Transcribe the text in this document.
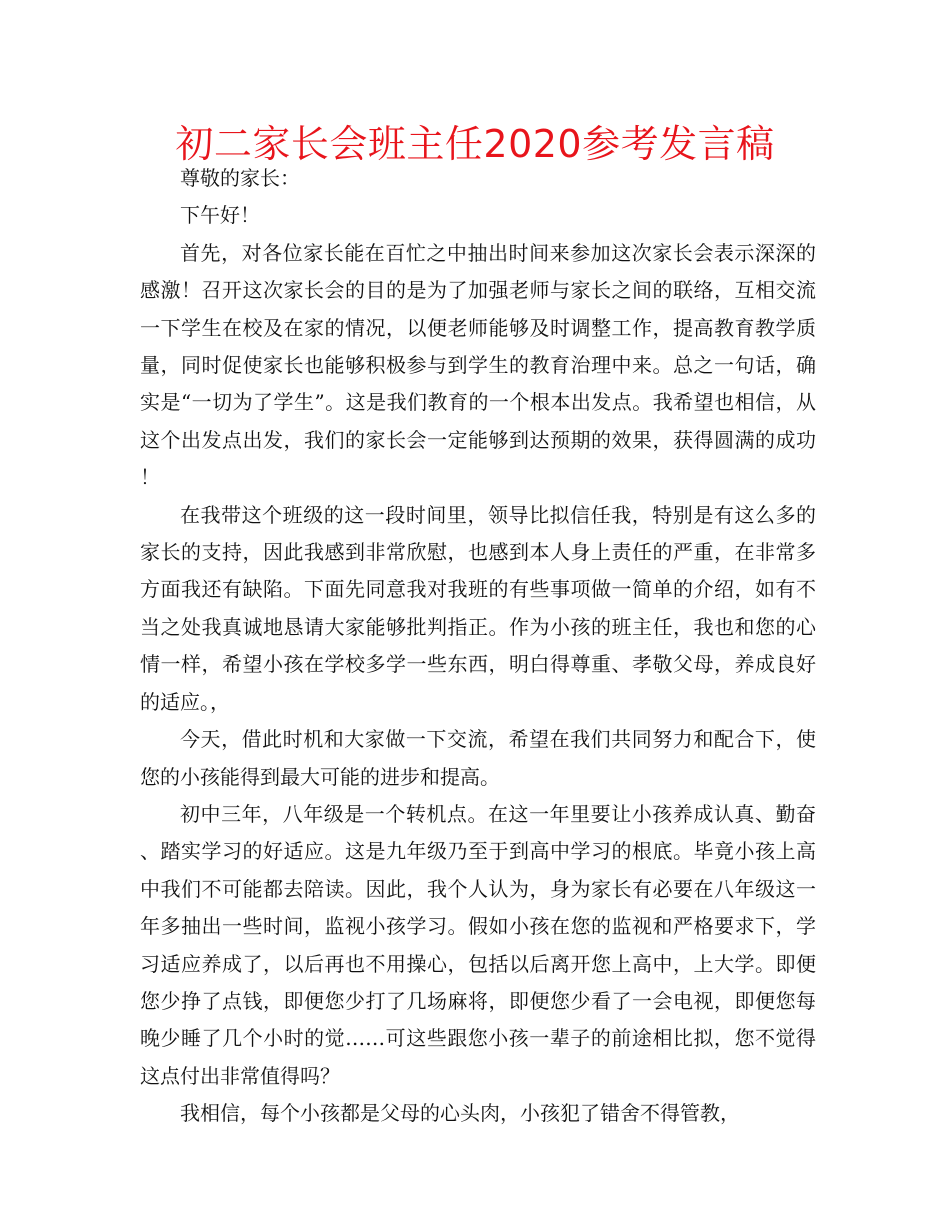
初二家长会班主任2020参考发言稿

尊敬的家长：

下午好！

首先，对各位家长能在百忙之中抽出时间来参加这次家长会表示深深的感激！召开这次家长会的目的是为了加强老师与家长之间的联络，互相交流一下学生在校及在家的情况，以便老师能够及时调整工作，提高教育教学质量，同时促使家长也能够积极参与到学生的教育治理中来。总之一句话，确实是“一切为了学生”。这是我们教育的一个根本出发点。我希望也相信，从这个出发点出发，我们的家长会一定能够到达预期的效果，获得圆满的成功！

在我带这个班级的这一段时间里，领导比拟信任我，特别是有这么多的家长的支持，因此我感到非常欣慰，也感到本人身上责任的严重，在非常多方面我还有缺陷。下面先同意我对我班的有些事项做一简单的介绍，如有不当之处我真诚地恳请大家能够批判指正。作为小孩的班主任，我也和您的心情一样，希望小孩在学校多学一些东西，明白得尊重、孝敬父母，养成良好的适应。，

今天，借此时机和大家做一下交流，希望在我们共同努力和配合下，使您的小孩能得到最大可能的进步和提高。

初中三年，八年级是一个转机点。在这一年里要让小孩养成认真、勤奋、踏实学习的好适应。这是九年级乃至于到高中学习的根底。毕竟小孩上高中我们不可能都去陪读。因此，我个人认为，身为家长有必要在八年级这一年多抽出一些时间，监视小孩学习。假如小孩在您的监视和严格要求下，学习适应养成了，以后再也不用操心，包括以后离开您上高中，上大学。即便您少挣了点钱，即便您少打了几场麻将，即便您少看了一会电视，即便您每晚少睡了几个小时的觉……可这些跟您小孩一辈子的前途相比拟，您不觉得这点付出非常值得吗？

我相信，每个小孩都是父母的心头肉，小孩犯了错舍不得管教，
